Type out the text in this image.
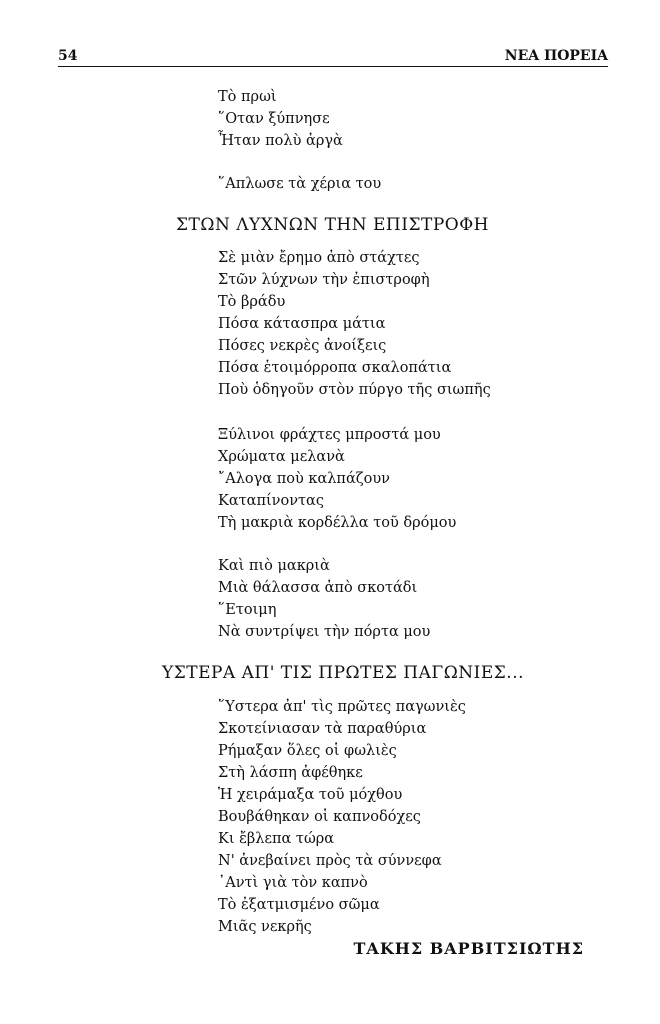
54	ΝΕΑ ΠΟΡΕΙΑ
Τὸ πρωὶ
῞Οταν ξύπνησε
Ἦταν πολὺ ἀργὰ
῞Απλωσε τὰ χέρια του
ΣΤΩΝ ΛΥΧΝΩΝ ΤΗΝ ΕΠΙΣΤΡΟΦΗ
Σὲ μιὰν ἔρημο ἀπὸ στάχτες
Στῶν λύχνων τὴν ἐπιστροφὴ
Τὸ βράδυ
Πόσα κάτασπρα μάτια
Πόσες νεκρὲς ἀνοίξεις
Πόσα ἑτοιμόρροπα σκαλοπάτια
Ποὺ ὁδηγοῦν στὸν πύργο τῆς σιωπῆς
Ξύλινοι φράχτες μπροστά μου
Χρώματα μελανὰ
῎Αλογα ποὺ καλπάζουν
Καταπίνοντας
Τὴ μακριὰ κορδέλλα τοῦ δρόμου
Καὶ πιὸ μακριὰ
Μιὰ θάλασσα ἀπὸ σκοτάδι
῞Ετοιμη
Νὰ συντρίψει τὴν πόρτα μου
ΥΣΤΕΡΑ ΑΠ' ΤΙΣ ΠΡΩΤΕΣ ΠΑΓΩΝΙΕΣ...
῞Υστερα ἀπ' τὶς πρῶτες παγωνιὲς
Σκοτείνιασαν τὰ παραθύρια
Ρήμαξαν ὅλες οἱ φωλιὲς
Στὴ λάσπη ἀφέθηκε
Ἡ χειράμαξα τοῦ μόχθου
Βουβάθηκαν οἱ καπνοδόχες
Κι ἔβλεπα τώρα
Ν' ἀνεβαίνει πρὸς τὰ σύννεφα
᾿Αντὶ γιὰ τὸν καπνὸ
Τὸ ἐξατμισμένο σῶμα
Μιᾶς νεκρῆς
ΤΑΚΗΣ ΒΑΡΒΙΤΣΙΩΤΗΣ
